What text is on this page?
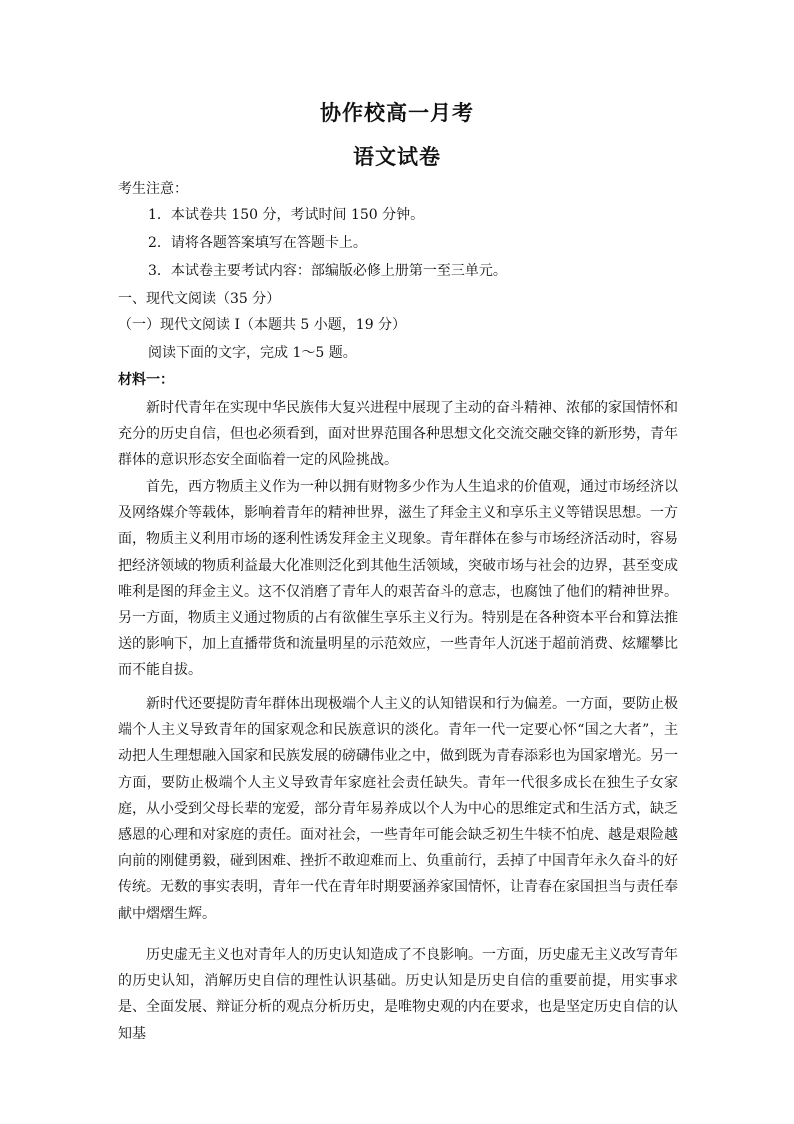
协作校高一月考
语文试卷

考生注意：

1．本试卷共 150 分，考试时间 150 分钟。

2．请将各题答案填写在答题卡上。

3．本试卷主要考试内容：部编版必修上册第一至三单元。

一、现代文阅读（35 分）

（一）现代文阅读 I（本题共 5 小题，19 分）

阅读下面的文字，完成 1～5 题。

材料一：

新时代青年在实现中华民族伟大复兴进程中展现了主动的奋斗精神、浓郁的家国情怀和充分的历史自信，但也必须看到，面对世界范围各种思想文化交流交融交锋的新形势，青年群体的意识形态安全面临着一定的风险挑战。

首先，西方物质主义作为一种以拥有财物多少作为人生追求的价值观，通过市场经济以及网络媒介等载体，影响着青年的精神世界，滋生了拜金主义和享乐主义等错误思想。一方面，物质主义利用市场的逐利性诱发拜金主义现象。青年群体在参与市场经济活动时，容易把经济领域的物质利益最大化准则泛化到其他生活领域，突破市场与社会的边界，甚至变成唯利是图的拜金主义。这不仅消磨了青年人的艰苦奋斗的意志，也腐蚀了他们的精神世界。另一方面，物质主义通过物质的占有欲催生享乐主义行为。特别是在各种资本平台和算法推送的影响下，加上直播带货和流量明星的示范效应，一些青年人沉迷于超前消费、炫耀攀比而不能自拔。

新时代还要提防青年群体出现极端个人主义的认知错误和行为偏差。一方面，要防止极端个人主义导致青年的国家观念和民族意识的淡化。青年一代一定要心怀“国之大者”，主动把人生理想融入国家和民族发展的磅礴伟业之中，做到既为青春添彩也为国家增光。另一方面，要防止极端个人主义导致青年家庭社会责任缺失。青年一代很多成长在独生子女家庭，从小受到父母长辈的宠爱，部分青年易养成以个人为中心的思维定式和生活方式，缺乏感恩的心理和对家庭的责任。面对社会，一些青年可能会缺乏初生牛犊不怕虎、越是艰险越向前的刚健勇毅，碰到困难、挫折不敢迎难而上、负重前行，丢掉了中国青年永久奋斗的好传统。无数的事实表明，青年一代在青年时期要涵养家国情怀，让青春在家国担当与责任奉献中熠熠生辉。

历史虚无主义也对青年人的历史认知造成了不良影响。一方面，历史虚无主义改写青年的历史认知，消解历史自信的理性认识基础。历史认知是历史自信的重要前提，用实事求是、全面发展、辩证分析的观点分析历史，是唯物史观的内在要求，也是坚定历史自信的认知基
